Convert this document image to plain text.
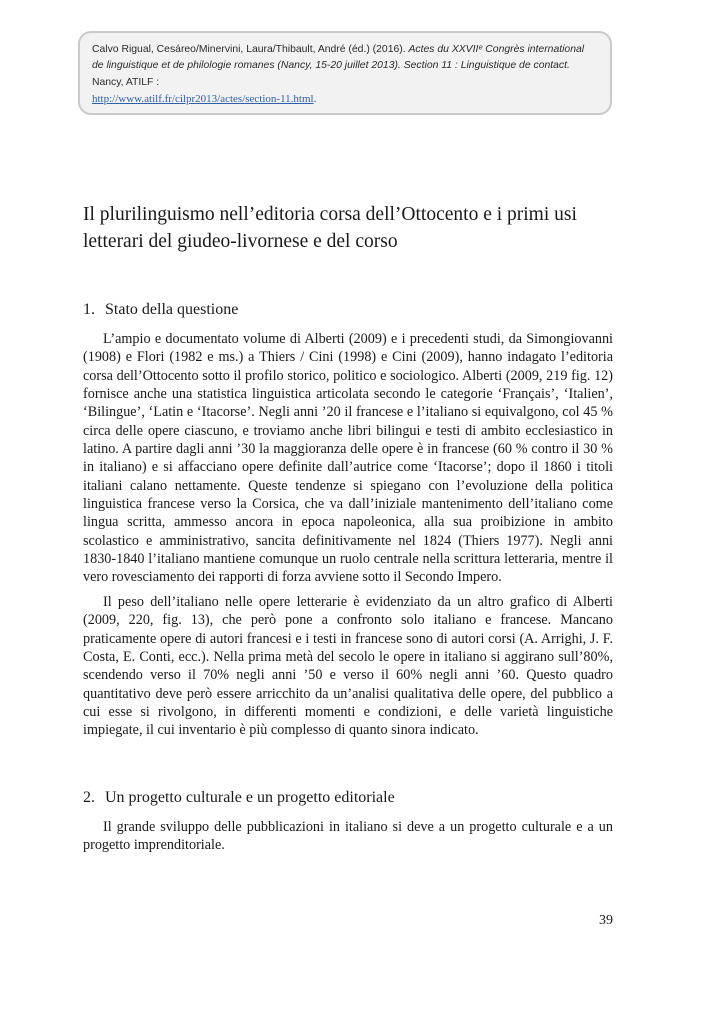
Calvo Rigual, Cesáreo/Minervini, Laura/Thibault, André (éd.) (2016). Actes du XXVIIᵉ Congrès international de linguistique et de philologie romanes (Nancy, 15-20 juillet 2013). Section 11 : Linguistique de contact. Nancy, ATILF :
http://www.atilf.fr/cilpr2013/actes/section-11.html.
Il plurilinguismo nell’editoria corsa dell’Ottocento e i primi usi letterari del giudeo-livornese e del corso
1. Stato della questione

L’ampio e documentato volume di Alberti (2009) e i precedenti studi, da Simongiovanni (1908) e Flori (1982 e ms.) a Thiers / Cini (1998) e Cini (2009), hanno indagato l’editoria corsa dell’Ottocento sotto il profilo storico, politico e sociologico. Alberti (2009, 219 fig. 12) fornisce anche una statistica linguistica articolata secondo le categorie ‘Français’, ‘Italien’, ‘Bilingue’, ‘Latin e ‘Itacorse’. Negli anni ’20 il francese e l’italiano si equivalgono, col 45 % circa delle opere ciascuno, e troviamo anche libri bilingui e testi di ambito ecclesiastico in latino. A partire dagli anni ’30 la maggioranza delle opere è in francese (60 % contro il 30 % in italiano) e si affacciano opere definite dall’autrice come ‘Itacorse’; dopo il 1860 i titoli italiani calano nettamente. Queste tendenze si spiegano con l’evoluzione della politica linguistica francese verso la Corsica, che va dall’iniziale mantenimento dell’italiano come lingua scritta, ammesso ancora in epoca napoleonica, alla sua proibizione in ambito scolastico e amministrativo, sancita definitivamente nel 1824 (Thiers 1977). Negli anni 1830-1840 l’italiano mantiene comunque un ruolo centrale nella scrittura letteraria, mentre il vero rovesciamento dei rapporti di forza avviene sotto il Secondo Impero.

Il peso dell’italiano nelle opere letterarie è evidenziato da un altro grafico di Alberti (2009, 220, fig. 13), che però pone a confronto solo italiano e francese. Mancano praticamente opere di autori francesi e i testi in francese sono di autori corsi (A. Arrighi, J. F. Costa, E. Conti, ecc.). Nella prima metà del secolo le opere in italiano si aggirano sull’80%, scendendo verso il 70% negli anni ’50 e verso il 60% negli anni ’60. Questo quadro quantitativo deve però essere arricchito da un’analisi qualitativa delle opere, del pubblico a cui esse si rivolgono, in differenti momenti e condizioni, e delle varietà linguistiche impiegate, il cui inventario è più complesso di quanto sinora indicato.

2. Un progetto culturale e un progetto editoriale

Il grande sviluppo delle pubblicazioni in italiano si deve a un progetto culturale e a un progetto imprenditoriale.

39
